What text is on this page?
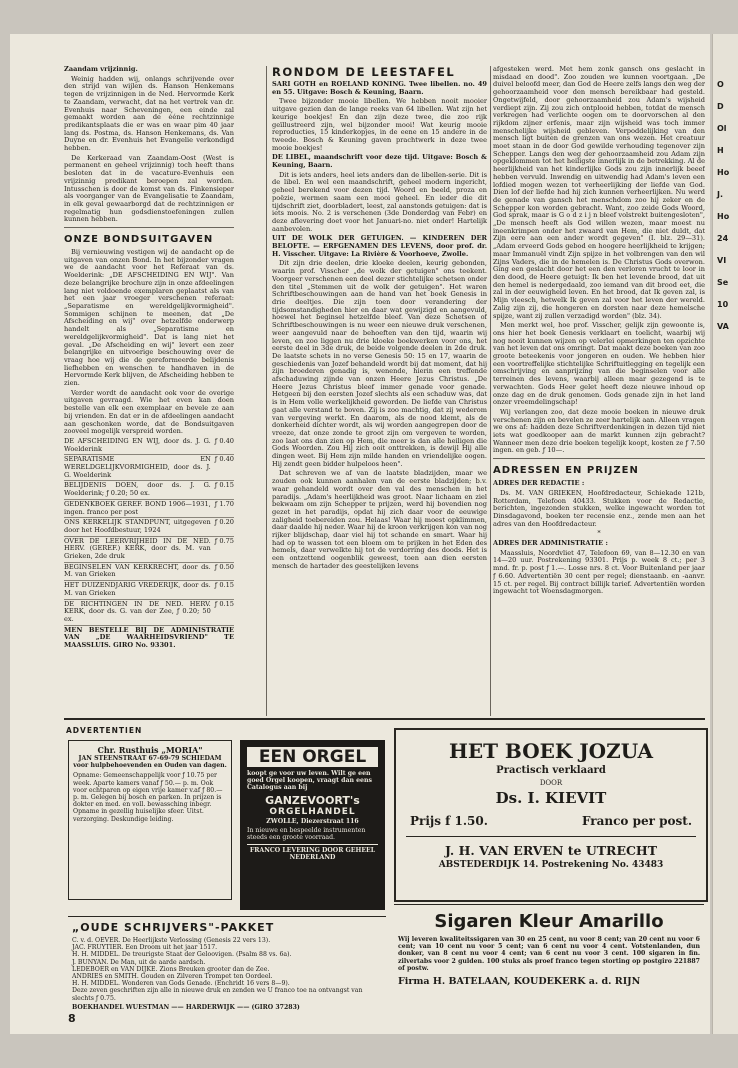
Zaandam vrijzinnig.
Weinig hadden wij, onlangs schrijvende over den strijd van wijlen ds. Hanson Henkemans tegen de vrijzinnigen in de Ned. Hervormde Kerk te Zaandam, verwacht, dat na het vertrek van dr. Evenhuis naar Scheveningen, een einde zal gemaakt worden aan de ééne rechtzinnige predikantsplaats die er was en waar pim 40 jaar lang ds. Postma, ds. Hanson Henkemans, ds. Van Duyne en dr. Evenhuis het Evangelie verkondigd hebben.
De Kerkeraad van Zaandam-Oost (West is permanent en geheel vrijzinnig) toch heeft thans besloten dat in de vacature-Evenhuis een vrijzinnig predikant beroepen zal worden. Intusschen is door de komst van ds. Finkensieper als voorganger van de Evangelisatie te Zaandam, in elk geval gewaarborgd dat de rechtzinnigen er regelmatig hun godsdienstoefeningen zullen kunnen hebben.
ONZE BONDSUITGAVEN
Bij vernieuwing vestigen wij de aandacht op de uitgaven van onzen Bond. In het bijzonder vragen we de aandacht voor het Referaat van ds. Woelderink: „DE AFSCHEIDING EN WIJ". Van deze belangrijke brochure zijn in onze afdeelingen lang niet voldoende exemplaren geplaatst als van het een jaar vroeger verschenen referaat: „Separatisme en wereldgelijkvormigheid". Sommigen schijnen te meenen, dat „De Afscheiding en wij" over hetzelfde onderwerp handelt als „Separatisme en wereldgelijkvormigheid". Dat is lang niet het geval. „De Afscheiding en wij" levert een zeer belangrijke en uitvoerige beschouwing over de vraag hoe wij die de gereformeerde belijdenis liefhebben en wenschen te handhaven in de Hervormde Kerk blijven, de Afscheiding hebben te zien.
Verder wordt de aandacht ook voor de overige uitgaven gevraagd. Wie het even kan doen bestelle van elk een exemplaar en bevele ze aan bij vrienden. En dat er in de afdeelingen aandacht aan geschonken worde, dat de Bondsuitgaven zooveel mogelijk verspreid worden.
DE AFSCHEIDING EN WIJ, door ds. J. G. Woelderink
ƒ 0.40
SEPARATISME EN WERELDGELIJKVORMIGHEID, door ds. J. G. Woelderink
ƒ 0.40
BELIJDENIS DOEN, door ds. J. G. Woelderink; ƒ 0.20; 50 ex.
ƒ 0.15
GEDENKBOEK GEREF. BOND 1906—1931, ingen. franco per post
ƒ 1.70
ONS KERKELIJK STANDPUNT, uitgegeven door het Hoofdbestuur, 1924
ƒ 0.20
OVER DE LEERVRIJHEID IN DE NED. HERV. (GEREF.) KERK, door ds. M. van Grieken, 2de druk
ƒ 0.75
BEGINSELEN VAN KERKRECHT, door ds. M. van Grieken
ƒ 0.50
HET DUIZENDJARIG VREDERIJK, door ds. M. van Grieken
ƒ 0.15
DE RICHTINGEN IN DE NED. HERV. KERK, door ds. G. van der Zee, ƒ 0.20; 50 ex.
ƒ 0.15
MEN BESTELLE BIJ DE ADMINISTRATIE VAN „DE WAARHEIDSVRIEND" TE MAASSLUIS. GIRO No. 93301.
RONDOM DE LEESTAFEL
SARI GOTH en ROELAND KONING. Twee libellen. no. 49 en 55. Uitgave: Bosch & Keuning, Baarn.
Twee bijzonder mooie libellen. We hebben nooit mooier uitgave gezien dan de lange reeks van 64 libellen. Wat zijn het keurige boekjes! En dan zijn deze twee, die zoo rijk geïllustreerd zijn, wel bijzonder mooi! Wat keurig mooie reproducties, 15 kinderkopjes, in de eene en 15 andere in de tweede. Bosch & Keuning gaven prachtwerk in deze twee mooie boekjes!
DE LIBEL, maandschrift voor deze tijd. Uitgave: Bosch & Keuning, Baarn.
Dit is iets anders, heel iets anders dan de libellen-serie. Dit is de libel. En wel een maandschrift, geheel modern ingericht, geheel berekend voor dezen tijd. Woord en beeld, proza en poëzie, wermen saam een mooi geheel. En ieder die dit tijdschrift ziet, doorbladert, leest, zal aanstonds getuigen: dat is iets moois. No. 2 is verschenen (3de Donderdag van Febr) en deze aflevering doet voor het Januari-no. niet onder! Hartelijk aanbevolen.
UIT DE WOLK DER GETUIGEN. — KINDEREN DER BELOFTE. — ERFGENAMEN DES LEVENS, door prof. dr. H. Visscher. Uitgave: La Rivière & Voorhoeve, Zwolle.
Dit zijn drie deelen, drie kloeke deelen, keurig gebonden, waarin prof. Visscher „de wolk der getuigen" ons teekent. Voorgeer verschenen een deel dezer stichtelijke schetsen onder den titel „Stemmen uit de wolk der getuigen". Het waren Schriftbeschouwingen aan de hand van het boek Genesis in drie deeltjes. Die zijn toen door verandering der tijdsomstandigheden hier en daar wat gewijzigd en aangevuld, hoewel het beginsel hetzelfde bleef. Van deze Schetsen of Schriftbeschouwingen is nu weer een nieuwe druk verschenen, weer aangevuld naar de behoeften van den tijd, waarin wij leven, en zoo liggen nu drie kloeke boekwerken voor ons, het eerste deel in 3de druk, de beide volgende deelen in 2de druk. De laatste schets in no verse Genesis 50: 15 en 17, waarin de geschiedenis van Jozef behandeld wordt bij dat moment, dat hij zijn broederen genadig is, wenende, hierin een treffende afschaduwing zijnde van onzen Heere Jezus Christus. „De Heere Jezus Christus bleef immer genade voor genade. Hetgeen bij den eersten Jozef slechts als een schaduw was, dat is in Hem volle werkelijkheid geworden. De liefde van Christus gaat alle verstand te boven. Zij is zoo machtig, dat zij wederom van vergeving werkt. En daarom, als de nood klemt, als de donkerheid dichter wordt, als wij worden aangegrepen door de vreeze, dat onze zonde te groot zijn om vergeven te worden, zoo laat ons dan zien op Hem, die meer is dan alle heiligen die Gods Woorden. Zou Hij zich ooit onttrekken, is dewijl Hij alle dingen weet. Bij Hem zijn milde handen en vriendelijke oogen. Hij zendt geen bidder hulpeloos heen".
Dat schreven we af van de laatste bladzijden, maar we zouden ook kunnen aanhalen van de eerste bladzijden; b.v. waar gehandeld wordt over den val des menschen in het paradijs. „Adam's heerlijkheid was groot. Naar lichaam en ziel bekwaam om zijn Schepper te prijzen, werd hij bovendien nog gezet in het paradijs, opdat hij zich daar voor de eeuwige zaligheid toebereiden zou. Helaas! Waar hij moest opklimmen, daar daalde hij neder. Waar hij de kroon verkrijgen kon van nog rijker blijdschap, daar viel hij tot schande en smart. Waar hij had op te wassen tot een bloem om te prijken in het Eden des hemels, daar verwelkte hij tot de verdorring des doods. Het is een ontzettend oogenblik geweest, toen aan dien eersten mensch de hartader des geestelijken levens
afgesteken werd. Met hem zonk gansch ons geslacht in misdaad en dood". Zoo zouden we kunnen voortgaan. „De duivel beloofd meer, dan God de Heere zelfs langs den weg der gehoorzaamheid voor den mensch bereikbaar had gesteld. Ongetwijfeld, door gehoorzaamheid zou Adam's wijsheid verdiept zijn. Zij zou zich ontplooid hebben, totdat de mensch verkregen had verlichte oogen om te doorvorschen al den rijkdom zijner erfenis, maar zijn wijsheid was toch immer menschelijke wijsheid gebleven. Verpoddelijking van den mensch ligt buiten de grenzen van ons wezen. Het creatuur moet staan in de door God gewilde verhouding tegenover zijn Schepper. Langs den weg der gehoorzaamheid zou Adam zijn opgeklommen tot het heiligste innerlijk in de betrekking. Al de heerlijkheid van het kinderlijke Gods zou zijn innerlijk beeef hebben vervuld. Inwendig en uitwendig had Adam's leven een lofdied mogen wezen tot verheerlijking der liefde van God. Dien lof der liefde had hij zich kunnen verheerlijken. Nu werd de genade van gansch het menschdom zoo hij zeker en de Schepper kon worden gebracht. Want, zoo zeide Gods Woord, God sprak, maar is G o d z i j n bleef volstrekt buitengesloten", „De mensch heeft als God willen wezen, maar moest nu ineenkrimpen onder het zwaard van Hem, die niet duldt, dat Zijn eere aan een ander wordt gegeven" (I. blz. 29—31). „Adam erveerd Gods gebod en hoogere heerlijkheid te krijgen; maar Immanuël vindt Zijn spijze in het volbrengen van den wil Zijns Vaders, die in de hemelen is. De Christus Gods overwon. Ging een geslacht door het een den verloren vrucht te loor in den dood, de Heere getuigt: Ik ben het levende brood, dat uit den hemel is nedergedaald, zoo iemand van dit brood eet, die zal in der eeuwigheid leven. En het brood, dat Ik geven zal, is Mijn vleesch, hetwelk Ik geven zal voor het leven der wereld. Zalig zijn zij, die hongeren en dorsten naar deze hemelsche spijze, want zij zullen verzadigd worden" (blz. 34).
Men merkt wel, hoe prof. Visscher, gelijk zijn gewoonte is, ons hier het boek Genesis verklaart en toelicht, waarbij wij nog nooit kunnen wijzen op velerlei opmerkingen ten opzichte van het leven dat ons omringt. Dat maakt deze boeken van zoo groote beteekenis voor jongeren en ouden. We hebben hier een voortreffelijke stichtelijke Schriftuitlegging en tegelijk een omschrijving en aanprijzing van die beginselen voor alle terreinen des levens, waarbij alleen maar gezegend is te verwachten. Gods Heer gelet heeft deze nieuwe inhoud op onze dag en de druk genomen. Gods genade zijn in het land onzer vreemdelingschap!
Wij verlangen zoo, dat deze mooie boeken in nieuwe druk verschenen zijn en bevelen ze zeer hartelijk aan. Alleen vragen we ons af: hadden deze Schriftverdenkingen in dezen tijd niet iets wat goedkooper aan de markt kunnen zijn gebracht? Wanneer men deze drie boeken tegelijk koopt, kosten ze ƒ 7.50 ingen. en geb. ƒ 10—.
ADRESSEN EN PRIJZEN
ADRES DER REDACTIE :
Ds. M. VAN GRIEKEN, Hoofdredacteur, Schiekade 121b, Rotterdam, Telefoon 40433. Stukken voor de Redactie, berichten, ingezonden stukken, welke ingewacht worden tot Dinsdagavond, boeken ter recensie enz., zende men aan het adres van den Hoofdredacteur.
*
ADRES DER ADMINISTRATIE :
Maassluis, Noordvliet 47, Telefoon 69, van 8—12.30 en van 14—20 uur. Postrekening 93301. Prijs p. week 8 ct.; per 3 mnd. fr. p. post ƒ 1.—. Losse nrs. 8 ct. Voor Buitenland per jaar ƒ 6.60. Advertentiën 30 cent per regel; dienstaanb. en -aanvr. 15 ct. per regel. Bij contract billijk tarief. Advertentiën worden ingewacht tot Woensdagmorgen.
ADVERTENTIEN
Chr. Rusthuis „MORIA"
JAN STEENSTRAAT 67-69-79 SCHIEDAM
voor hulpbehoevenden en Ouden van dagen.
Opname: Gemeenschappelijk voor ƒ 10.75 per week. Aparte kamers vanaf ƒ 50.— p. m. Ook voor echtparen op eigen vrije kamer v.af ƒ 80.— p. m. Gelegen bij bosch en parken. In prijzen is dokter en med. en voll. bewassching inbegr. Opname in gezellig huiselijke sfeer. Uitst. verzorging. Deskundige leiding.
EEN ORGEL
koopt ge voor uw leven. Wilt ge een goed Orgel koopen, vraagt dan eens Catalogus aan bij
GANZEVOORT's
ORGELHANDEL
ZWOLLE, Diezerstraat 116
In nieuwe en bespeelde instrumenten steeds een groote voorraad.
FRANCO LEVERING DOOR GEHEEL NEDERLAND
HET BOEK JOZUA
Practisch verklaard
DOOR
Ds. I. KIEVIT
Prijs f 1.50.	Franco per post.
J. H. VAN ERVEN te UTRECHT
ABSTEDERDIJK 14. Postrekening No. 43483
„OUDE SCHRIJVERS"-PAKKET
C. v. d. OEVER. De Heerlijkste Verlossing (Genesis 22 vers 13).
JAC. FRUYTIER. Een Droom uit het jaar 1517.
H. H. MIDDEL. De treurigste Staat der Geloovigen. (Psalm 88 vs. 6a).
J. BUNYAN. De Man, uit de aarde aardsch.
LEDEBOER en VAN DIJKE. Zions Breuken grooter dan de Zee.
ANDRIES en SMITH. Gouden en Zilveren Trompet ten Oordeel.
H. H. MIDDEL. Wonderen van Gods Genade. (Enchridt 16 vers 8—9).
Deze zeven geschriften zijn alle in nieuwe druk en zenden we U franco toe na ontvangst van slechts ƒ 0.75.
BOEKHANDEL WUESTMAN —— HARDERWIJK —— (GIRO 37283)
Sigaren Kleur Amarillo
Wij leveren kwaliteitssigaren van 30 en 25 cent, nu voor 8 cent; van 20 cent nu voor 6 cent; van 10 cent nu voor 5 cent; van 6 cent nu voor 4 cent. Votstenlanden, dun donker, van 8 cent nu voor 4 cent; van 6 cent nu voor 3 cent. 100 sigaren in fin. zilvertabs voor 2 gulden. 100 stuks als proef franco tegen storting op postgiro 221887 of postw.
Firma H. BATELAAN, KOUDEKERK a. d. RIJN
8
O
D
Ol
H
Ho
J.
Ho
24
VI
Se
10
VA
